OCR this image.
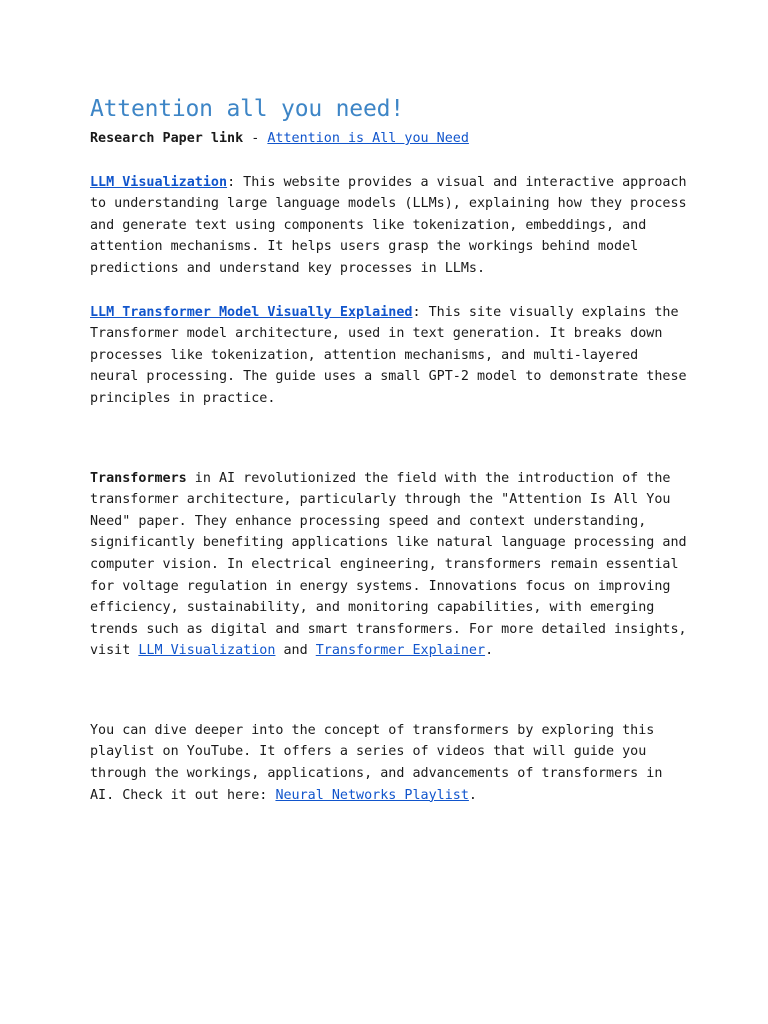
Attention all you need!

Research Paper link - Attention is All you Need

LLM Visualization: This website provides a visual and interactive approach to understanding large language models (LLMs), explaining how they process and generate text using components like tokenization, embeddings, and attention mechanisms. It helps users grasp the workings behind model predictions and understand key processes in LLMs.

LLM Transformer Model Visually Explained: This site visually explains the Transformer model architecture, used in text generation. It breaks down processes like tokenization, attention mechanisms, and multi-layered neural processing. The guide uses a small GPT-2 model to demonstrate these principles in practice.

Transformers in AI revolutionized the field with the introduction of the transformer architecture, particularly through the "Attention Is All You Need" paper. They enhance processing speed and context understanding, significantly benefiting applications like natural language processing and computer vision. In electrical engineering, transformers remain essential for voltage regulation in energy systems. Innovations focus on improving efficiency, sustainability, and monitoring capabilities, with emerging trends such as digital and smart transformers. For more detailed insights, visit LLM Visualization and Transformer Explainer.

You can dive deeper into the concept of transformers by exploring this playlist on YouTube. It offers a series of videos that will guide you through the workings, applications, and advancements of transformers in AI. Check it out here: Neural Networks Playlist.
